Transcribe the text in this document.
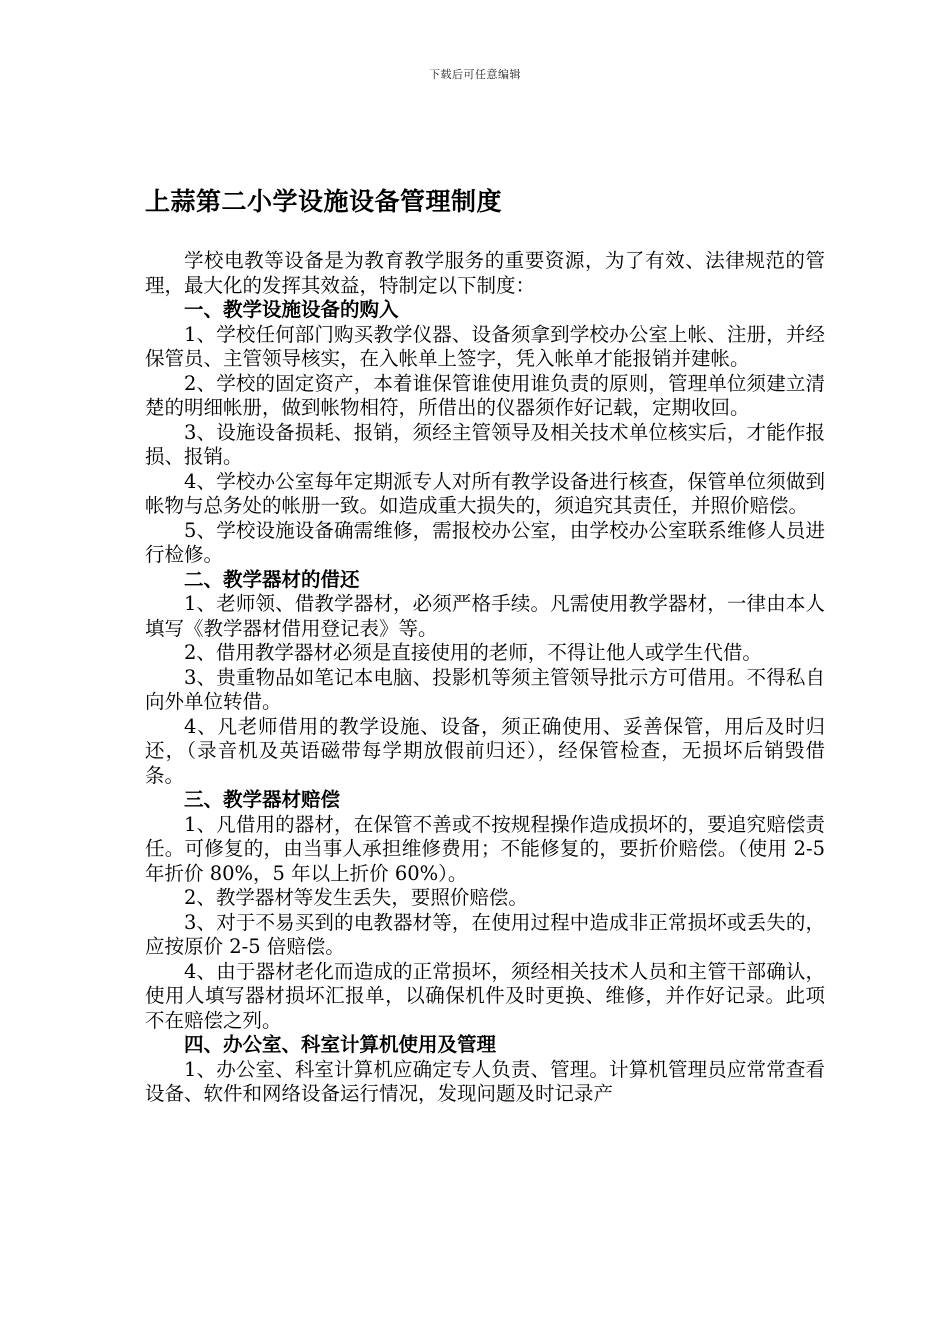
下载后可任意编辑
上蒜第二小学设施设备管理制度

学校电教等设备是为教育教学服务的重要资源，为了有效、法律规范的管理，最大化的发挥其效益，特制定以下制度：

一、教学设施设备的购入

1、学校任何部门购买教学仪器、设备须拿到学校办公室上帐、注册，并经保管员、主管领导核实，在入帐单上签字，凭入帐单才能报销并建帐。

2、学校的固定资产，本着谁保管谁使用谁负责的原则，管理单位须建立清楚的明细帐册，做到帐物相符，所借出的仪器须作好记载，定期收回。

3、设施设备损耗、报销，须经主管领导及相关技术单位核实后，才能作报损、报销。

4、学校办公室每年定期派专人对所有教学设备进行核查，保管单位须做到帐物与总务处的帐册一致。如造成重大损失的，须追究其责任，并照价赔偿。

5、学校设施设备确需维修，需报校办公室，由学校办公室联系维修人员进行检修。

二、教学器材的借还

1、老师领、借教学器材，必须严格手续。凡需使用教学器材，一律由本人填写《教学器材借用登记表》等。

2、借用教学器材必须是直接使用的老师，不得让他人或学生代借。

3、贵重物品如笔记本电脑、投影机等须主管领导批示方可借用。不得私自向外单位转借。

4、凡老师借用的教学设施、设备，须正确使用、妥善保管，用后及时归还，（录音机及英语磁带每学期放假前归还），经保管检查，无损坏后销毁借条。

三、教学器材赔偿

1、凡借用的器材，在保管不善或不按规程操作造成损坏的，要追究赔偿责任。可修复的，由当事人承担维修费用；不能修复的，要折价赔偿。（使用 2-5 年折价 80%，5 年以上折价 60%）。

2、教学器材等发生丢失，要照价赔偿。

3、对于不易买到的电教器材等，在使用过程中造成非正常损坏或丢失的，应按原价 2-5 倍赔偿。

4、由于器材老化而造成的正常损坏，须经相关技术人员和主管干部确认，使用人填写器材损坏汇报单，以确保机件及时更换、维修，并作好记录。此项不在赔偿之列。

四、办公室、科室计算机使用及管理

1、办公室、科室计算机应确定专人负责、管理。计算机管理员应常常查看设备、软件和网络设备运行情况，发现问题及时记录产
